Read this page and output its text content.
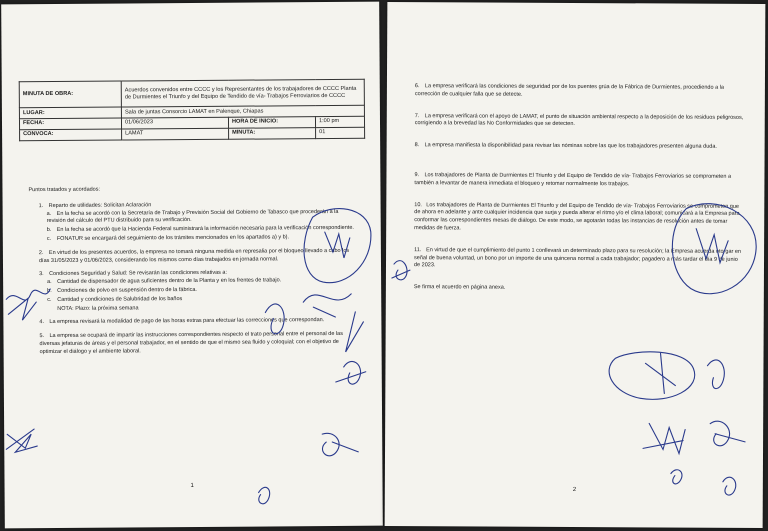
MINUTA DE OBRA:	Acuerdos convenidos entre CCCC y los Representantes de los trabajadores de CCCC Planta de Durmientes el Triunfo y del Equipo de Tendido de vía- Trabajos Ferroviarios de CCCC		
LUGAR:	Sala de juntas Consorcio LAMAT en Palenque, Chiapas		
FECHA:	01/06/2023	HORA DE INICIO:	1:00 pm
CONVOCA:	LAMAT	MINUTA:	01
Puntos tratados y acordados:
1. Reparto de utilidades: Solicitan Aclaración
a. En la fecha se acordó con la Secretaría de Trabajo y Previsión Social del Gobierno de Tabasco que procederán a la revisión del cálculo del PTU distribuido para su verificación.
b. En la fecha se acordó que la Hacienda Federal suministrará la información necesaria para la verificación correspondiente.
c. FONATUR se encargará del seguimiento de los trámites mencionados en los apartados a) y b).
2. En virtud de los presentes acuerdos, la empresa no tomará ninguna medida en represalia por el bloqueo llevado a cabo los días 31/05/2023 y 01/06/2023, considerando los mismos como días trabajados en jornada normal.
3. Condiciones Seguridad y Salud: Se revisarán las condiciones relativas a:
a. Cantidad de dispensador de agua suficientes dentro de la Planta y en los frentes de trabajo.
b. Condiciones de polvo en suspensión dentro de la fábrica.
c. Cantidad y condiciones de Salubridad de los baños
NOTA: Plazo: la próxima semana
4. La empresa revisará la modalidad de pago de las horas extras para efectuar las correcciones que correspondan.
5. La empresa se ocupará de impartir las instrucciones correspondientes respecto el trato personal entre el personal de las diversas jefaturas de áreas y el personal trabajador, en el sentido de que el mismo sea fluido y coloquial; con el objetivo de optimizar el diálogo y el ambiente laboral.
1
6. La empresa verificará las condiciones de seguridad por de los puentes grúa de la Fábrica de Durmientes, procediendo a la corrección de cualquier falla que se detecte.
7. La empresa verificará con el apoyo de LAMAT, el punto de situación ambiental respecto a la deposición de los residuos peligrosos, corrigiendo a la brevedad las No Conformidades que se detecten.
8. La empresa manifiesta la disponibilidad para revisar las nóminas sobre las que los trabajadores presenten alguna duda.
9. Los trabajadores de Planta de Durmientes El Triunfo y del Equipo de Tendido de vía- Trabajos Ferroviarios se comprometen a también a levantar de manera inmediata el bloqueo y retomar normalmente los trabajos.
10. Los trabajadores de Planta de Durmientes El Triunfo y del Equipo de Tendido de vía- Trabajos Ferroviarios se comprometen que de ahora en adelante y ante cualquier incidencia que surja y pueda alterar el ritmo y/o el clima laboral; comunicará a la Empresa para conformar las correspondientes mesas de diálogo. De este modo, se agotarán todas las instancias de resolución antes de tomar medidas de fuerza.
11. En virtud de que el cumplimiento del punto 1 conllevará un determinado plazo para su resolución; la Empresa acuerda otorgar en señal de buena voluntad, un bono por un importe de una quincena normal a cada trabajador; pagadero a más tardar el día 9 de junio de 2023.
Se firma el acuerdo en página anexa.
2
